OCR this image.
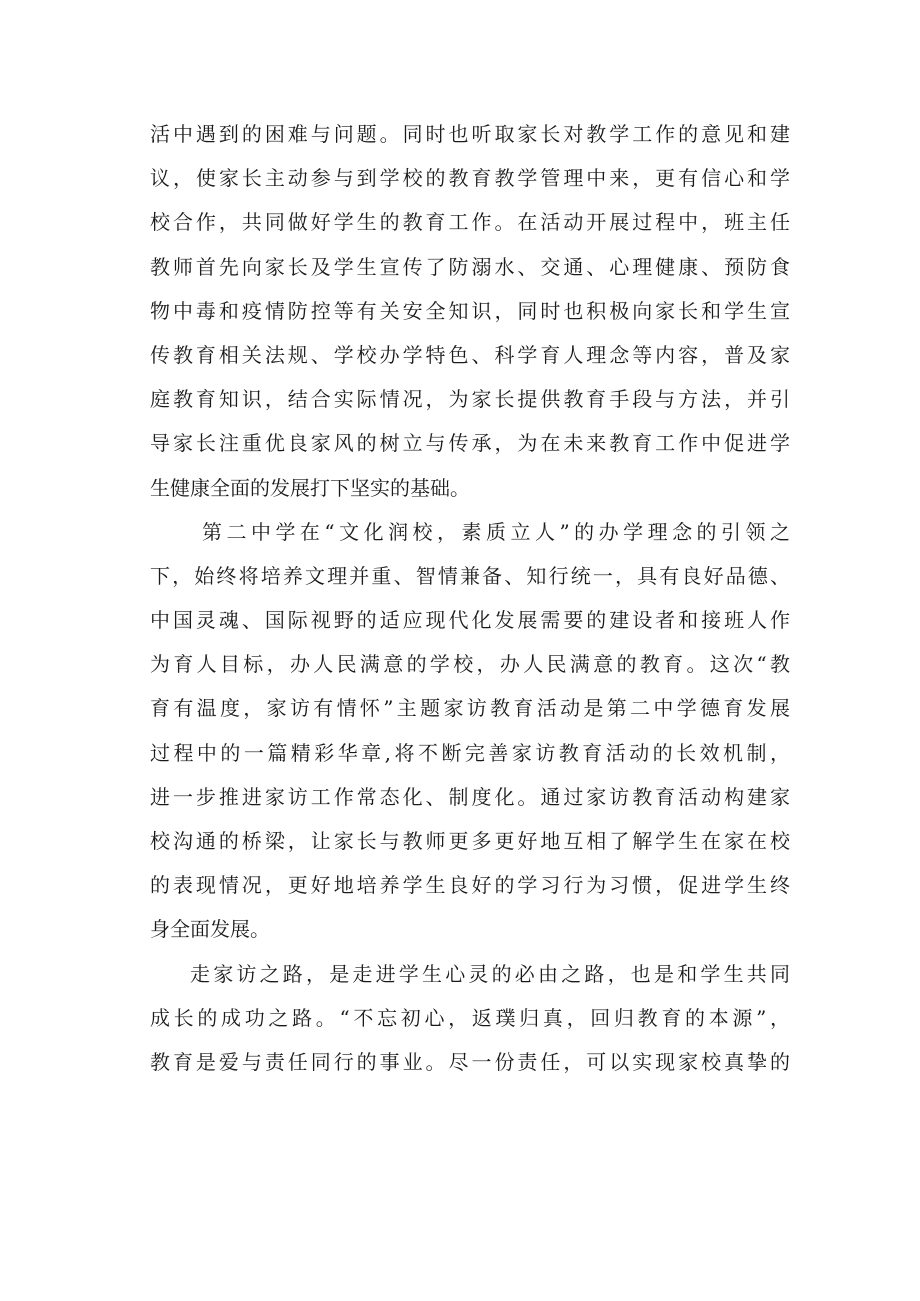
活中遇到的困难与问题。同时也听取家长对教学工作的意见和建
议，使家长主动参与到学校的教育教学管理中来，更有信心和学
校合作，共同做好学生的教育工作。在活动开展过程中，班主任
教师首先向家长及学生宣传了防溺水、交通、心理健康、预防食
物中毒和疫情防控等有关安全知识，同时也积极向家长和学生宣
传教育相关法规、学校办学特色、科学育人理念等内容，普及家
庭教育知识，结合实际情况，为家长提供教育手段与方法，并引
导家长注重优良家风的树立与传承，为在未来教育工作中促进学
生健康全面的发展打下坚实的基础。
第二中学在“文化润校，素质立人”的办学理念的引领之
下，始终将培养文理并重、智情兼备、知行统一，具有良好品德、
中国灵魂、国际视野的适应现代化发展需要的建设者和接班人作
为育人目标，办人民满意的学校，办人民满意的教育。这次“教
育有温度，家访有情怀”主题家访教育活动是第二中学德育发展
过程中的一篇精彩华章,将不断完善家访教育活动的长效机制，
进一步推进家访工作常态化、制度化。通过家访教育活动构建家
校沟通的桥梁，让家长与教师更多更好地互相了解学生在家在校
的表现情况，更好地培养学生良好的学习行为习惯，促进学生终
身全面发展。
走家访之路，是走进学生心灵的必由之路，也是和学生共同
成长的成功之路。“不忘初心，返璞归真，回归教育的本源”，
教育是爱与责任同行的事业。尽一份责任，可以实现家校真挚的
